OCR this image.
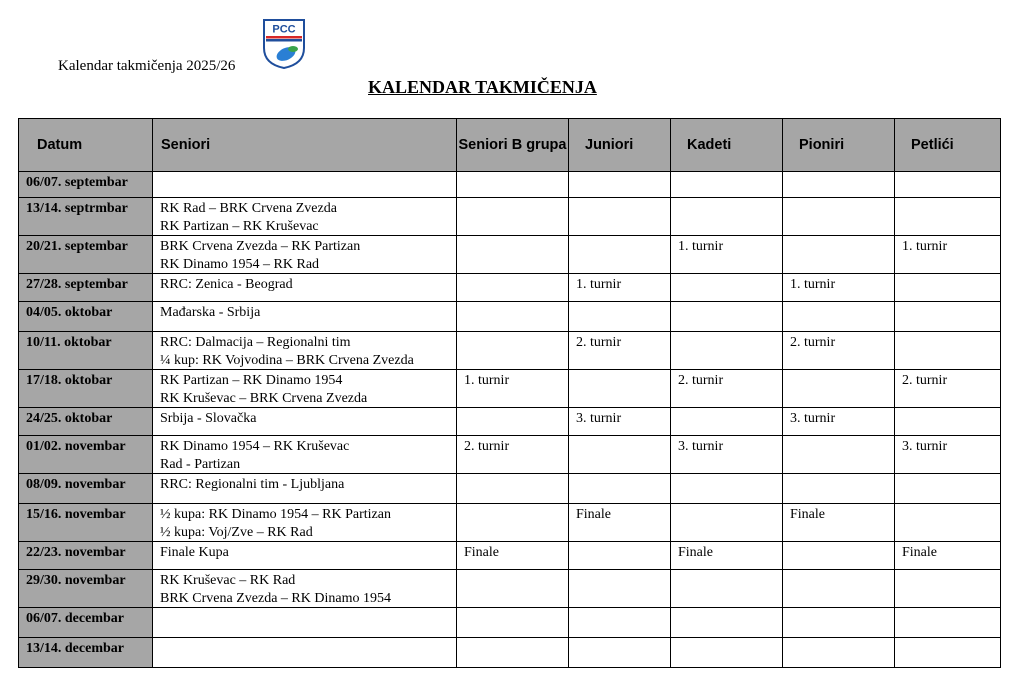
Kalendar takmičenja 2025/26
PCC
KALENDAR TAKMIČENJA
Datum	Seniori	Seniori B grupa	Juniori	Kadeti	Pioniri	Petlići
06/07. septembar	

13/14. septrmbar	RK Rad – BRK Crvena Zvezda
RK Partizan – RK Kruševac					

20/21. septembar	BRK Crvena Zvezda – RK Partizan
RK Dinamo 1954 – RK Rad			1. turnir		1. turnir
27/28. septembar	RRC: Zenica - Beograd		1. turnir		1. turnir	
04/05. oktobar	Mađarska - Srbija					

10/11. oktobar	RRC: Dalmacija – Regionalni tim
¼ kup: RK Vojvodina – BRK Crvena Zvezda		2. turnir		2. turnir	
17/18. oktobar	RK Partizan – RK Dinamo 1954
RK Kruševac – BRK Crvena Zvezda	1. turnir		2. turnir		2. turnir
24/25. oktobar	Srbija - Slovačka		3. turnir		3. turnir	
01/02. novembar	RK Dinamo 1954 – RK Kruševac
Rad - Partizan	2. turnir		3. turnir		3. turnir
08/09. novembar	RRC: Regionalni tim - Ljubljana					

15/16. novembar	½ kupa: RK Dinamo 1954 – RK Partizan
½ kupa: Voj/Zve – RK Rad		Finale		Finale	
22/23. novembar	Finale Kupa	Finale		Finale		Finale
29/30. novembar	RK Kruševac – RK Rad
BRK Crvena Zvezda – RK Dinamo 1954					

06/07. decembar	

13/14. decembar	
